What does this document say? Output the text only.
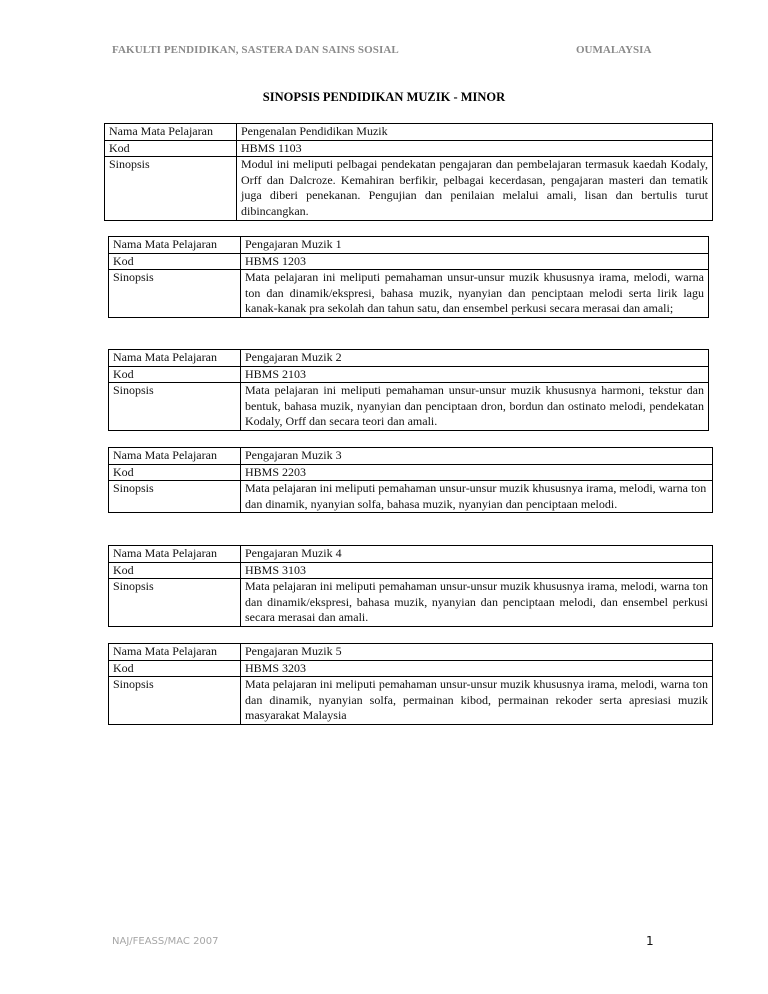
FAKULTI PENDIDIKAN, SASTERA DAN SAINS SOSIAL	OUMALAYSIA
SINOPSIS PENDIDIKAN MUZIK - MINOR
Nama Mata Pelajaran	Pengenalan Pendidikan Muzik
Kod	HBMS 1103
Sinopsis	Modul ini meliputi pelbagai pendekatan pengajaran dan pembelajaran termasuk kaedah Kodaly, Orff dan Dalcroze. Kemahiran berfikir, pelbagai kecerdasan, pengajaran masteri dan tematik juga diberi penekanan. Pengujian dan penilaian melalui amali, lisan dan bertulis turut dibincangkan.
Nama Mata Pelajaran	Pengajaran Muzik 1
Kod	HBMS 1203
Sinopsis	Mata pelajaran ini meliputi pemahaman unsur-unsur muzik khususnya irama, melodi, warna ton dan dinamik/ekspresi, bahasa muzik, nyanyian dan penciptaan melodi serta lirik lagu kanak-kanak pra sekolah dan tahun satu, dan ensembel perkusi secara merasai dan amali;
Nama Mata Pelajaran	Pengajaran Muzik 2
Kod	HBMS 2103
Sinopsis	Mata pelajaran ini meliputi pemahaman unsur-unsur muzik khususnya harmoni, tekstur dan bentuk, bahasa muzik, nyanyian dan penciptaan dron, bordun dan ostinato melodi, pendekatan Kodaly, Orff dan secara teori dan amali.
Nama Mata Pelajaran	Pengajaran Muzik 3
Kod	HBMS 2203
Sinopsis	Mata pelajaran ini meliputi pemahaman unsur-unsur muzik khususnya irama, melodi, warna ton dan dinamik, nyanyian solfa, bahasa muzik, nyanyian dan penciptaan melodi.
Nama Mata Pelajaran	Pengajaran Muzik 4
Kod	HBMS 3103
Sinopsis	Mata pelajaran ini meliputi pemahaman unsur-unsur muzik khususnya irama, melodi, warna ton dan dinamik/ekspresi, bahasa muzik, nyanyian dan penciptaan melodi, dan ensembel perkusi secara merasai dan amali.
Nama Mata Pelajaran	Pengajaran Muzik 5
Kod	HBMS 3203
Sinopsis	Mata pelajaran ini meliputi pemahaman unsur-unsur muzik khususnya irama, melodi, warna ton dan dinamik, nyanyian solfa, permainan kibod, permainan rekoder serta apresiasi muzik masyarakat Malaysia
NAJ/FEASS/MAC 2007	1
